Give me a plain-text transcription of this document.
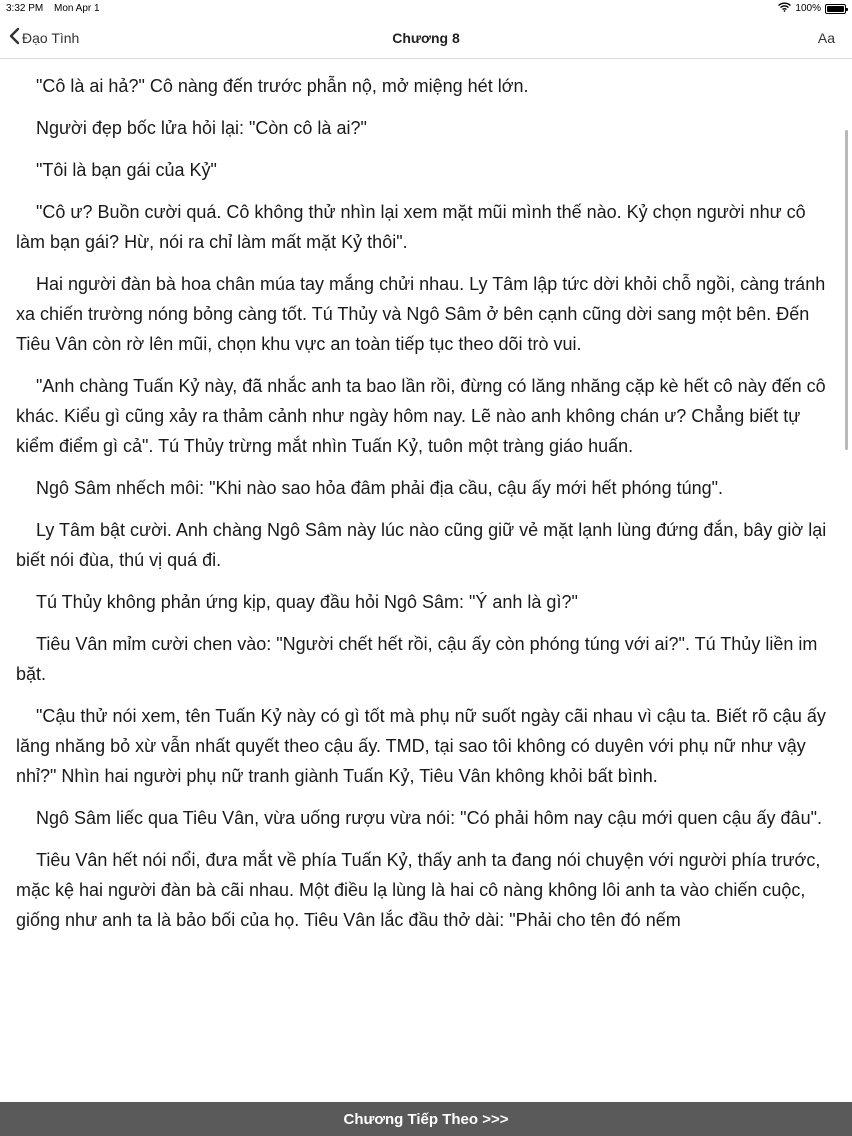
3:32 PM Mon Apr 1	100%
Đạo Tình	Chương 8	Aa

"Cô là ai hả?" Cô nàng đến trước phẫn nộ, mở miệng hét lớn.

Người đẹp bốc lửa hỏi lại: "Còn cô là ai?"

"Tôi là bạn gái của Kỷ"

"Cô ư? Buồn cười quá. Cô không thử nhìn lại xem mặt mũi mình thế nào. Kỷ chọn người như cô làm bạn gái? Hừ, nói ra chỉ làm mất mặt Kỷ thôi".

Hai người đàn bà hoa chân múa tay mắng chửi nhau. Ly Tâm lập tức dời khỏi chỗ ngồi, càng tránh xa chiến trường nóng bỏng càng tốt. Tú Thủy và Ngô Sâm ở bên cạnh cũng dời sang một bên. Đến Tiêu Vân còn rờ lên mũi, chọn khu vực an toàn tiếp tục theo dõi trò vui.

"Anh chàng Tuấn Kỷ này, đã nhắc anh ta bao lần rồi, đừng có lăng nhăng cặp kè hết cô này đến cô khác. Kiểu gì cũng xảy ra thảm cảnh như ngày hôm nay. Lẽ nào anh không chán ư? Chẳng biết tự kiểm điểm gì cả". Tú Thủy trừng mắt nhìn Tuấn Kỷ, tuôn một tràng giáo huấn.

Ngô Sâm nhếch môi: "Khi nào sao hỏa đâm phải địa cầu, cậu ấy mới hết phóng túng".

Ly Tâm bật cười. Anh chàng Ngô Sâm này lúc nào cũng giữ vẻ mặt lạnh lùng đứng đắn, bây giờ lại biết nói đùa, thú vị quá đi.

Tú Thủy không phản ứng kịp, quay đầu hỏi Ngô Sâm: "Ý anh là gì?"

Tiêu Vân mỉm cười chen vào: "Người chết hết rồi, cậu ấy còn phóng túng với ai?". Tú Thủy liền im bặt.

"Cậu thử nói xem, tên Tuấn Kỷ này có gì tốt mà phụ nữ suốt ngày cãi nhau vì cậu ta. Biết rõ cậu ấy lăng nhăng bỏ xừ vẫn nhất quyết theo cậu ấy. TMD, tại sao tôi không có duyên với phụ nữ như vậy nhỉ?" Nhìn hai người phụ nữ tranh giành Tuấn Kỷ, Tiêu Vân không khỏi bất bình.

Ngô Sâm liếc qua Tiêu Vân, vừa uống rượu vừa nói: "Có phải hôm nay cậu mới quen cậu ấy đâu".

Tiêu Vân hết nói nổi, đưa mắt về phía Tuấn Kỷ, thấy anh ta đang nói chuyện với người phía trước, mặc kệ hai người đàn bà cãi nhau. Một điều lạ lùng là hai cô nàng không lôi anh ta vào chiến cuộc, giống như anh ta là bảo bối của họ. Tiêu Vân lắc đầu thở dài: "Phải cho tên đó nếm

Chương Tiếp Theo >>>
